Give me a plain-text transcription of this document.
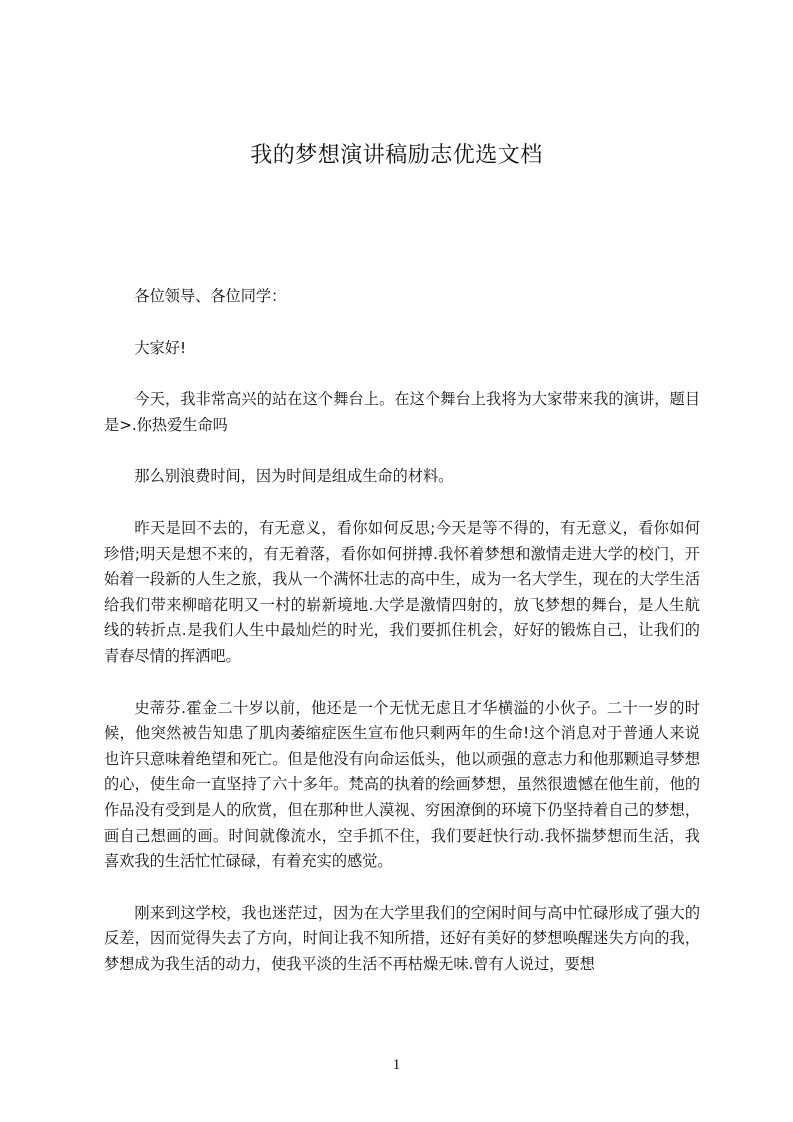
我的梦想演讲稿励志优选文档

各位领导、各位同学：

大家好!

今天，我非常高兴的站在这个舞台上。在这个舞台上我将为大家带来我的演讲，题目是>.你热爱生命吗

那么别浪费时间，因为时间是组成生命的材料。

昨天是回不去的，有无意义，看你如何反思;今天是等不得的，有无意义，看你如何珍惜;明天是想不来的，有无着落，看你如何拼搏.我怀着梦想和激情走进大学的校门，开始着一段新的人生之旅，我从一个满怀壮志的高中生，成为一名大学生，现在的大学生活给我们带来柳暗花明又一村的崭新境地.大学是激情四射的，放飞梦想的舞台，是人生航线的转折点.是我们人生中最灿烂的时光，我们要抓住机会，好好的锻炼自己，让我们的青春尽情的挥洒吧。

史蒂芬.霍金二十岁以前，他还是一个无忧无虑且才华横溢的小伙子。二十一岁的时候，他突然被告知患了肌肉萎缩症医生宣布他只剩两年的生命!这个消息对于普通人来说也许只意味着绝望和死亡。但是他没有向命运低头，他以顽强的意志力和他那颗追寻梦想的心，使生命一直坚持了六十多年。梵高的执着的绘画梦想，虽然很遗憾在他生前，他的作品没有受到是人的欣赏，但在那种世人漠视、穷困潦倒的环境下仍坚持着自己的梦想，画自己想画的画。时间就像流水，空手抓不住，我们要赶快行动.我怀揣梦想而生活，我喜欢我的生活忙忙碌碌，有着充实的感觉。

刚来到这学校，我也迷茫过，因为在大学里我们的空闲时间与高中忙碌形成了强大的反差，因而觉得失去了方向，时间让我不知所措，还好有美好的梦想唤醒迷失方向的我，梦想成为我生活的动力，使我平淡的生活不再枯燥无味.曾有人说过，要想

1
